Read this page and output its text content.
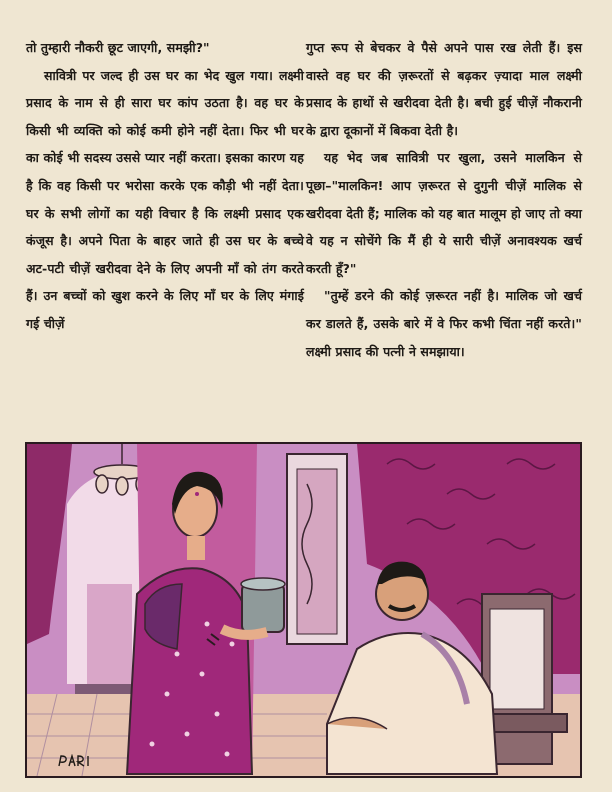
तो तुम्हारी नौकरी छूट जाएगी, समझी?"

सावित्री पर जल्द ही उस घर का भेद खुल गया। लक्ष्मी प्रसाद के नाम से ही सारा घर कांप उठता है। वह घर के किसी भी व्यक्ति को कोई कमी होने नहीं देता। फिर भी घर का कोई भी सदस्य उससे प्यार नहीं करता। इसका कारण यह है कि वह किसी पर भरोसा करके एक कौड़ी भी नहीं देता। घर के सभी लोगों का यही विचार है कि लक्ष्मी प्रसाद एक कंजूस है। अपने पिता के बाहर जाते ही उस घर के बच्चे अट-पटी चीज़ें खरीदवा देने के लिए अपनी माँ को तंग करते हैं। उन बच्चों को खुश करने के लिए माँ घर के लिए मंगाई गई चीज़ें

गुप्त रूप से बेचकर वे पैसे अपने पास रख लेती हैं। इस वास्ते वह घर की ज़रूरतों से बढ़कर ज़्यादा माल लक्ष्मी प्रसाद के हाथों से खरीदवा देती है। बची हुई चीज़ें नौकरानी के द्वारा दूकानों में बिकवा देती है।

यह भेद जब सावित्री पर खुला, उसने मालकिन से पूछा–"मालकिन! आप ज़रूरत से दुगुनी चीज़ें मालिक से खरीदवा देती हैं; मालिक को यह बात मालूम हो जाए तो क्या वे यह न सोचेंगे कि मैं ही ये सारी चीज़ें अनावश्यक खर्च करती हूँ?"

"तुम्हें डरने की कोई ज़रूरत नहीं है। मालिक जो खर्च कर डालते हैं, उसके बारे में वे फिर कभी चिंता नहीं करते।" लक्ष्मी प्रसाद की पत्नी ने समझाया।
